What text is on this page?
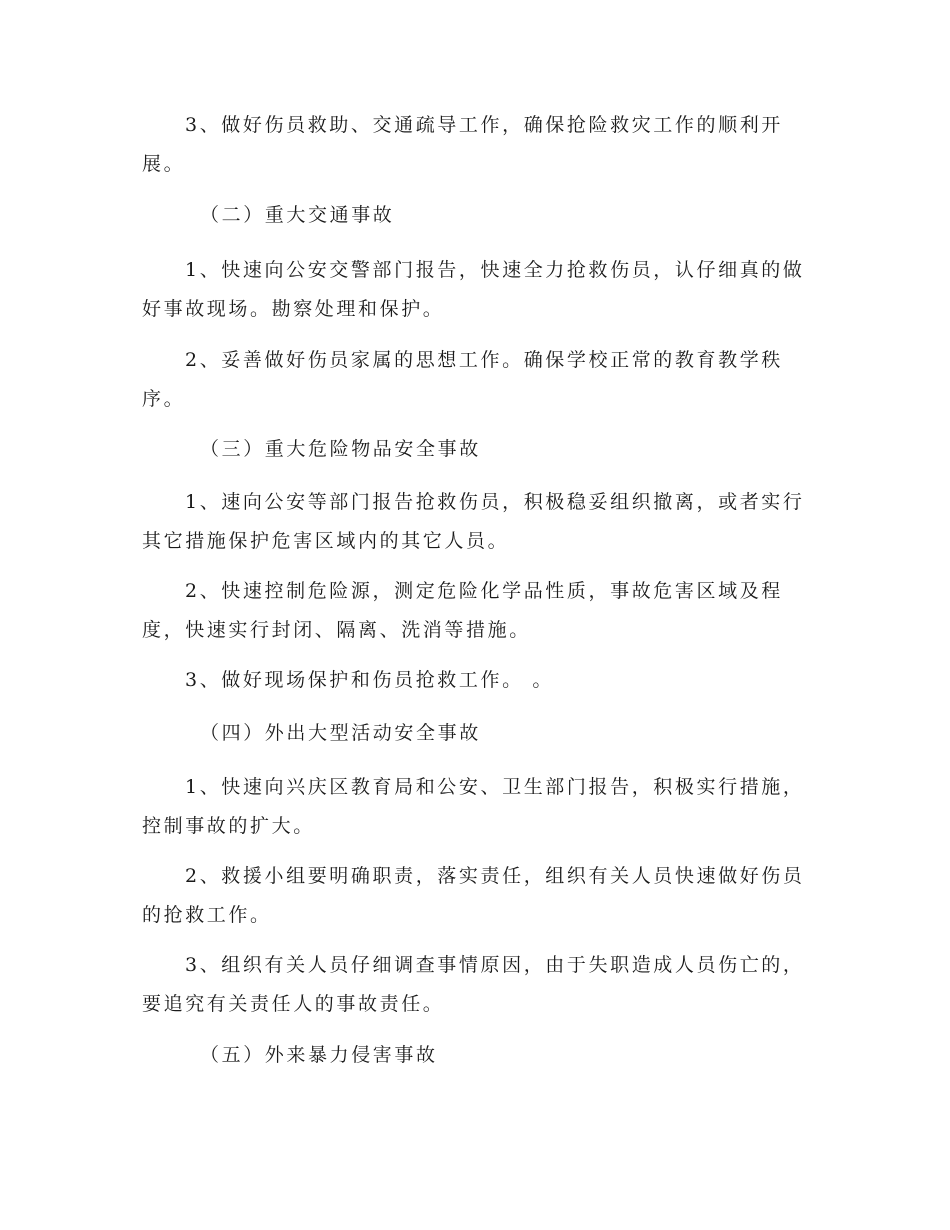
3、做好伤员救助、交通疏导工作，确保抢险救灾工作的顺利开展。
（二）重大交通事故
1、快速向公安交警部门报告，快速全力抢救伤员，认仔细真的做好事故现场。勘察处理和保护。
2、妥善做好伤员家属的思想工作。确保学校正常的教育教学秩序。
（三）重大危险物品安全事故
1、速向公安等部门报告抢救伤员，积极稳妥组织撤离，或者实行其它措施保护危害区域内的其它人员。
2、快速控制危险源，测定危险化学品性质，事故危害区域及程度，快速实行封闭、隔离、洗消等措施。
3、做好现场保护和伤员抢救工作。 。
（四）外出大型活动安全事故
1、快速向兴庆区教育局和公安、卫生部门报告，积极实行措施，控制事故的扩大。
2、救援小组要明确职责，落实责任，组织有关人员快速做好伤员的抢救工作。
3、组织有关人员仔细调查事情原因，由于失职造成人员伤亡的，要追究有关责任人的事故责任。
（五）外来暴力侵害事故
